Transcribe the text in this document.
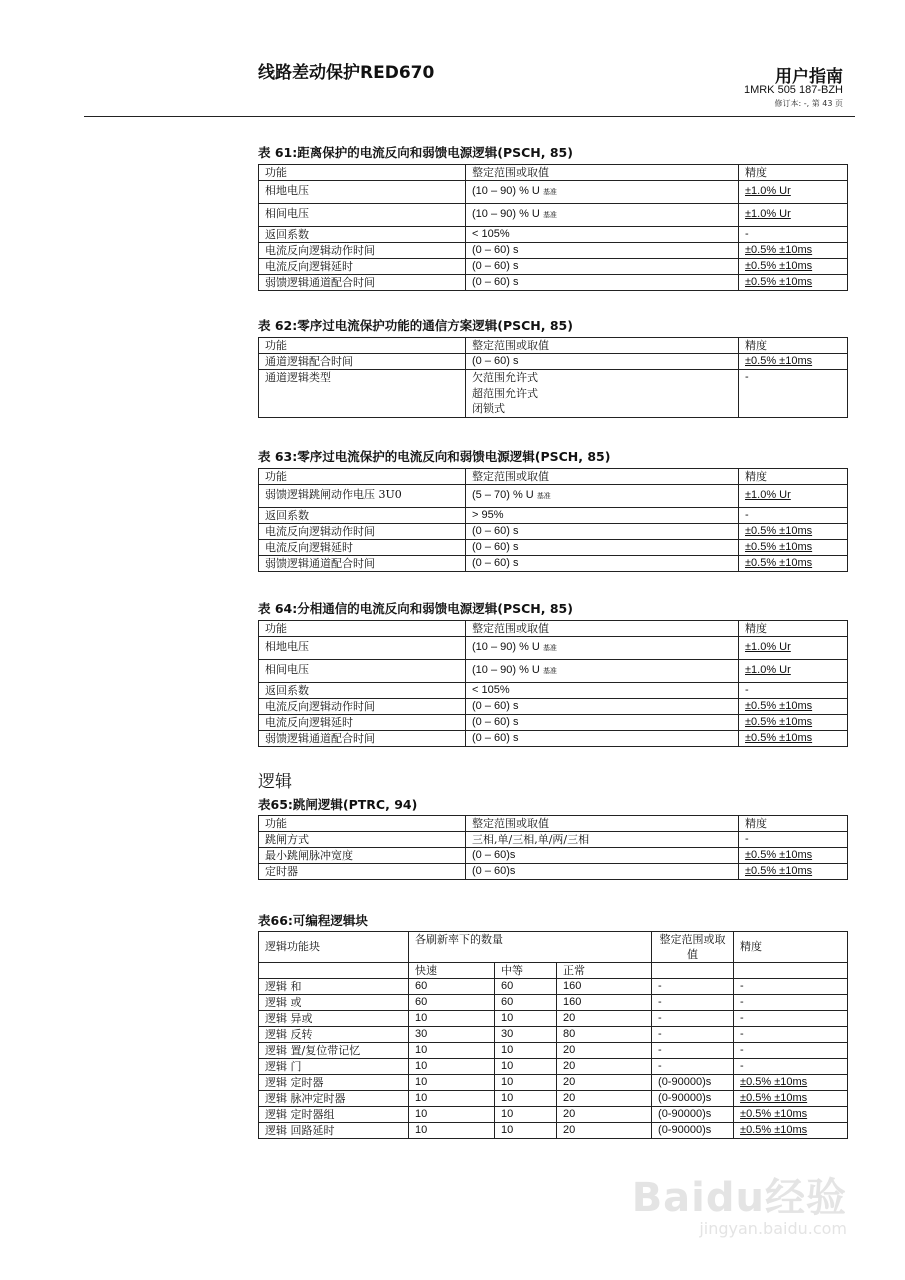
线路差动保护RED670	用户指南
1MRK 505 187-BZH
修订本: -, 第 43 页
表 61:距离保护的电流反向和弱馈电源逻辑(PSCH, 85)
功能	整定范围或取值	精度
相地电压	(10 – 90) % U 基准	±1.0% Ur
相间电压	(10 – 90) % U 基准	±1.0% Ur
返回系数	< 105%	-
电流反向逻辑动作时间	(0 – 60) s	±0.5% ±10ms
电流反向逻辑延时	(0 – 60) s	±0.5% ±10ms
弱馈逻辑通道配合时间	(0 – 60) s	±0.5% ±10ms
表 62:零序过电流保护功能的通信方案逻辑(PSCH, 85)
功能	整定范围或取值	精度
通道逻辑配合时间	(0 – 60) s	±0.5% ±10ms
通道逻辑类型	欠范围允许式
超范围允许式
闭锁式	-
表 63:零序过电流保护的电流反向和弱馈电源逻辑(PSCH, 85)
功能	整定范围或取值	精度
弱馈逻辑跳闸动作电压 3U0	(5 – 70) % U 基准	±1.0% Ur
返回系数	> 95%	-
电流反向逻辑动作时间	(0 – 60) s	±0.5% ±10ms
电流反向逻辑延时	(0 – 60) s	±0.5% ±10ms
弱馈逻辑通道配合时间	(0 – 60) s	±0.5% ±10ms
表 64:分相通信的电流反向和弱馈电源逻辑(PSCH, 85)
功能	整定范围或取值	精度
相地电压	(10 – 90) % U 基准	±1.0% Ur
相间电压	(10 – 90) % U 基准	±1.0% Ur
返回系数	< 105%	-
电流反向逻辑动作时间	(0 – 60) s	±0.5% ±10ms
电流反向逻辑延时	(0 – 60) s	±0.5% ±10ms
弱馈逻辑通道配合时间	(0 – 60) s	±0.5% ±10ms
逻辑
表65:跳闸逻辑(PTRC, 94)
功能	整定范围或取值	精度
跳闸方式	三相,单/三相,单/两/三相	-
最小跳闸脉冲宽度	(0 – 60)s	±0.5% ±10ms
定时器	(0 – 60)s	±0.5% ±10ms
表66:可编程逻辑块
逻辑功能块	各刷新率下的数量			整定范围或取值	精度
	快速	中等	正常		
逻辑 和	60	60	160	-	-
逻辑 或	60	60	160	-	-
逻辑 异或	10	10	20	-	-
逻辑 反转	30	30	80	-	-
逻辑 置/复位带记忆	10	10	20	-	-
逻辑 门	10	10	20	-	-
逻辑 定时器	10	10	20	(0-90000)s	±0.5% ±10ms
逻辑 脉冲定时器	10	10	20	(0-90000)s	±0.5% ±10ms
逻辑 定时器组	10	10	20	(0-90000)s	±0.5% ±10ms
逻辑 回路延时	10	10	20	(0-90000)s	±0.5% ±10ms
Baidu经验
jingyan.baidu.com
